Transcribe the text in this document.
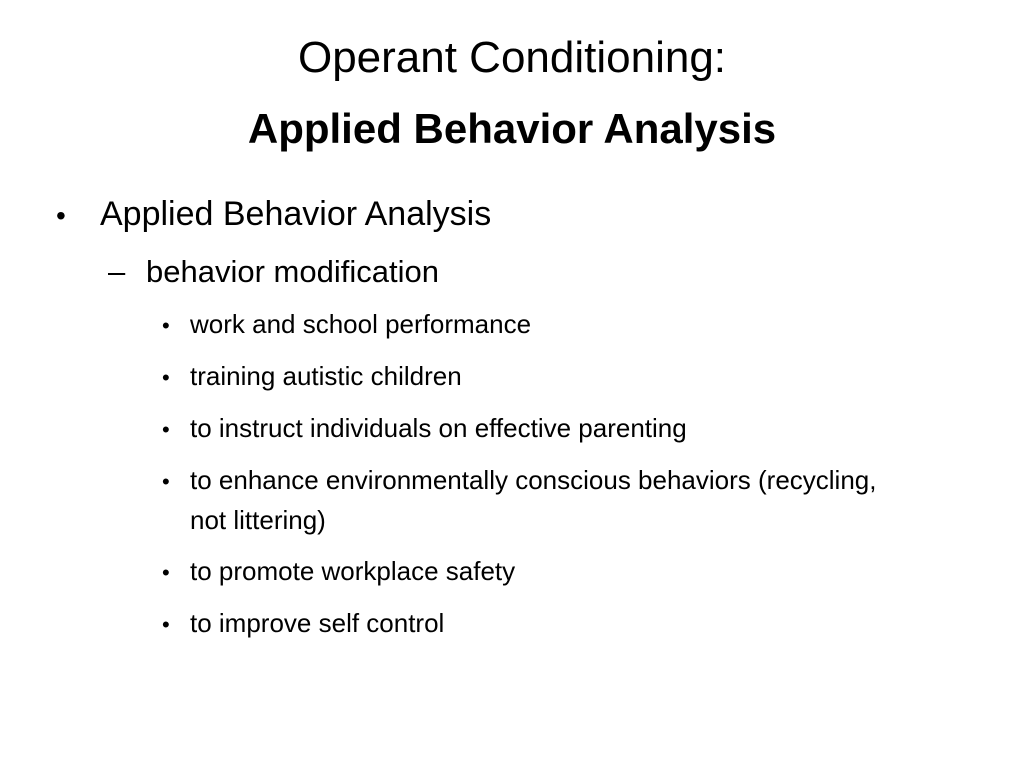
Operant Conditioning:
Applied Behavior Analysis
•	Applied Behavior Analysis
– behavior modification
• work and school performance
• training autistic children
• to instruct individuals on effective parenting
• to enhance environmentally conscious behaviors (recycling, not littering)
• to promote workplace safety
• to improve self control
